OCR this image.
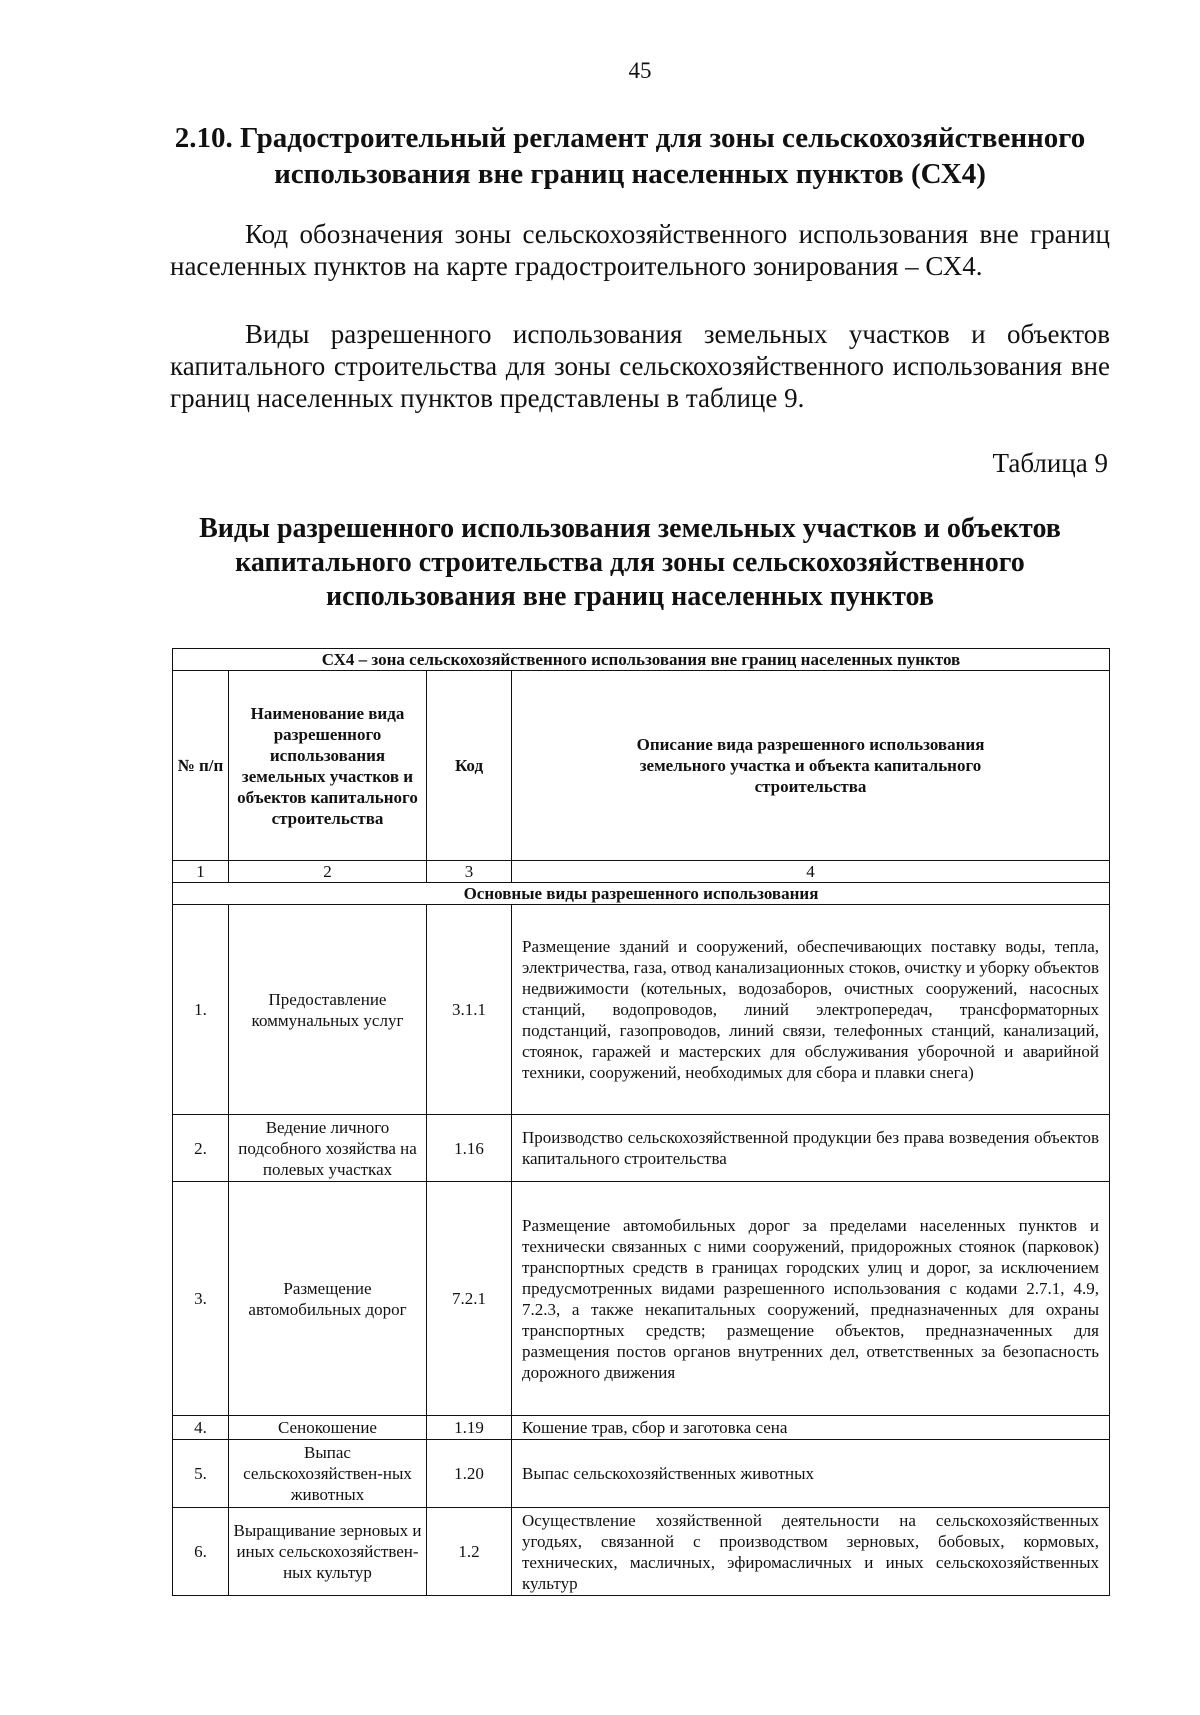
45
2.10. Градостроительный регламент для зоны сельскохозяйственного использования вне границ населенных пунктов (СХ4)
Код обозначения зоны сельскохозяйственного использования вне границ населенных пунктов на карте градостроительного зонирования – СХ4.
Виды разрешенного использования земельных участков и объектов капитального строительства для зоны сельскохозяйственного использования вне границ населенных пунктов представлены в таблице 9.
Таблица 9
Виды разрешенного использования земельных участков и объектов капитального строительства для зоны сельскохозяйственного использования вне границ населенных пунктов
СХ4 – зона сельскохозяйственного использования вне границ населенных пунктов			
№ п/п	Наименование вида разрешенного использования земельных участков и объектов капитального строительства	Код	Описание вида разрешенного использования земельного участка и объекта капитального строительства
1	2	3	4
Основные виды разрешенного использования			
1.	Предоставление коммунальных услуг	3.1.1	Размещение зданий и сооружений, обеспечивающих поставку воды, тепла, электричества, газа, отвод канализационных стоков, очистку и уборку объектов недвижимости (котельных, водозаборов, очистных сооружений, насосных станций, водопроводов, линий электропередач, трансформаторных подстанций, газопроводов, линий связи, телефонных станций, канализаций, стоянок, гаражей и мастерских для обслуживания уборочной и аварийной техники, сооружений, необходимых для сбора и плавки снега)
2.	Ведение личного подсобного хозяйства на полевых участках	1.16	Производство сельскохозяйственной продукции без права возведения объектов капитального строительства
3.	Размещение автомобильных дорог	7.2.1	Размещение автомобильных дорог за пределами населенных пунктов и технически связанных с ними сооружений, придорожных стоянок (парковок) транспортных средств в границах городских улиц и дорог, за исключением предусмотренных видами разрешенного использования с кодами 2.7.1, 4.9, 7.2.3, а также некапитальных сооружений, предназначенных для охраны транспортных средств; размещение объектов, предназначенных для размещения постов органов внутренних дел, ответственных за безопасность дорожного движения
4.	Сенокошение	1.19	Кошение трав, сбор и заготовка сена
5.	Выпас сельскохозяйствен-ных животных	1.20	Выпас сельскохозяйственных животных
6.	Выращивание зерновых и иных сельскохозяйствен-ных культур	1.2	Осуществление хозяйственной деятельности на сельскохозяйственных угодьях, связанной с производством зерновых, бобовых, кормовых, технических, масличных, эфиромасличных и иных сельскохозяйственных культур
